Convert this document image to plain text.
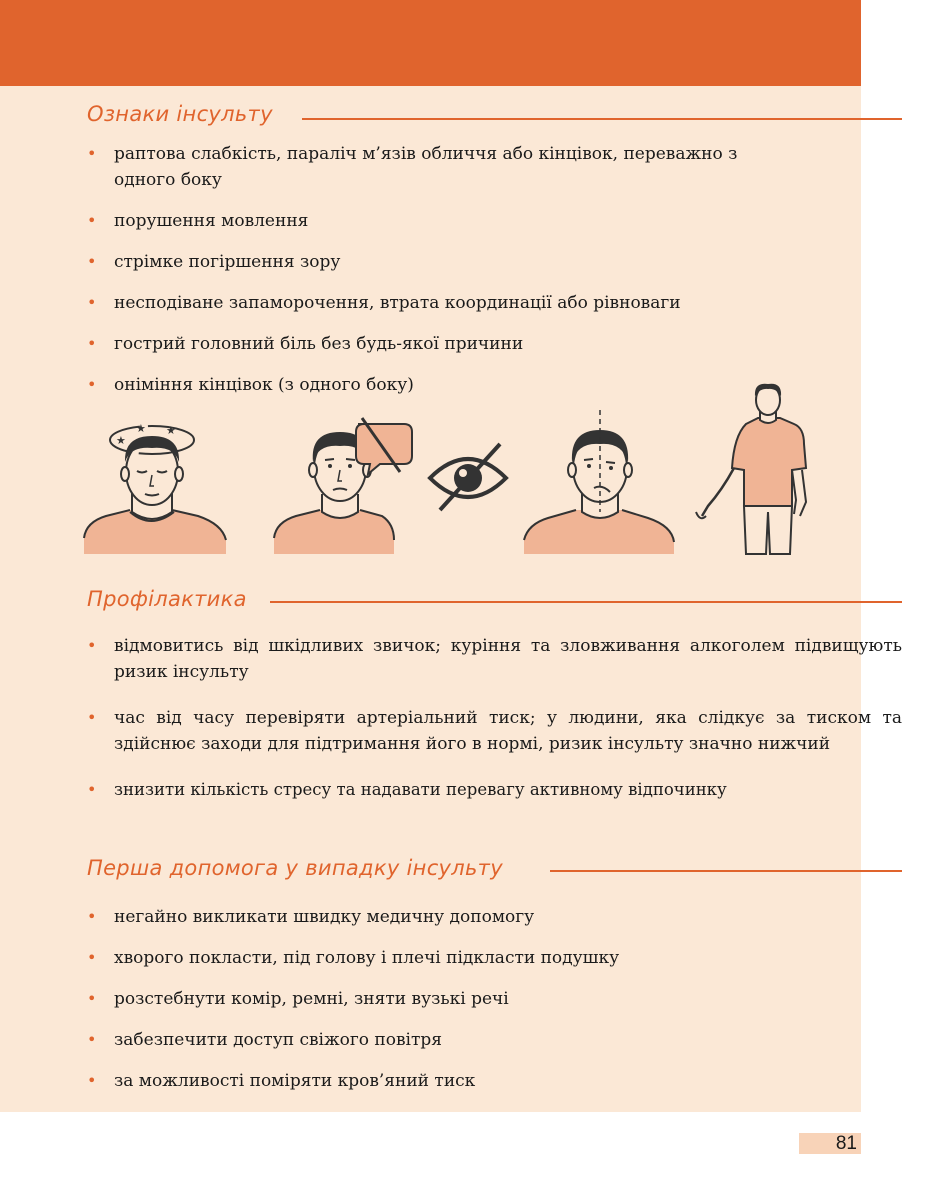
Ознаки інсульту
• раптова слабкість, параліч м’язів обличчя або кінцівок, переважно з одного боку
• порушення мовлення
• стрімке погіршення зору
• несподіване запаморочення, втрата координації або рівноваги
• гострий головний біль без будь-якої причини
• оніміння кінцівок (з одного боку)
★
★ ★
Профілактика
• відмовитись від шкідливих звичок; куріння та зловживання алкоголем підвищують ризик інсульту
• час від часу перевіряти артеріальний тиск; у людини, яка слідкує за тиском та здійснює заходи для підтримання його в нормі, ризик інсульту значно нижчий
• знизити кількість стресу та надавати перевагу активному відпочинку
Перша допомога у випадку інсульту
• негайно викликати швидку медичну допомогу
• хворого покласти, під голову і плечі підкласти подушку
• розстебнути комір, ремні, зняти вузькі речі
• забезпечити доступ свіжого повітря
• за можливості поміряти кров’яний тиск
81
